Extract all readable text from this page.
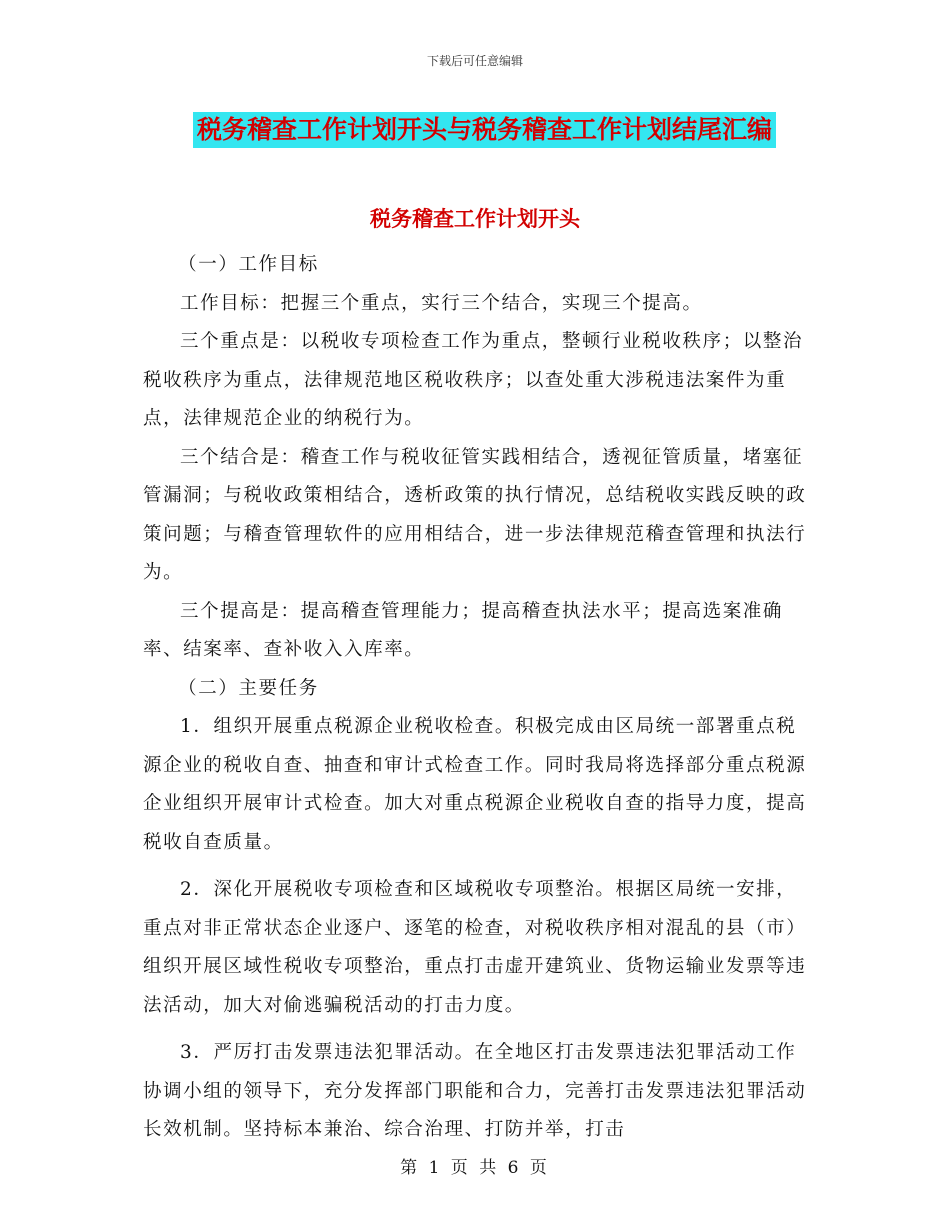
下载后可任意编辑
税务稽查工作计划开头与税务稽查工作计划结尾汇编
税务稽查工作计划开头

（一）工作目标

工作目标：把握三个重点，实行三个结合，实现三个提高。

三个重点是：以税收专项检查工作为重点，整顿行业税收秩序；以整治税收秩序为重点，法律规范地区税收秩序；以查处重大涉税违法案件为重点，法律规范企业的纳税行为。

三个结合是：稽查工作与税收征管实践相结合，透视征管质量，堵塞征管漏洞；与税收政策相结合，透析政策的执行情况，总结税收实践反映的政策问题；与稽查管理软件的应用相结合，进一步法律规范稽查管理和执法行为。

三个提高是：提高稽查管理能力；提高稽查执法水平；提高选案准确率、结案率、查补收入入库率。

（二）主要任务

1．组织开展重点税源企业税收检查。积极完成由区局统一部署重点税源企业的税收自查、抽查和审计式检查工作。同时我局将选择部分重点税源企业组织开展审计式检查。加大对重点税源企业税收自查的指导力度，提高税收自查质量。

2．深化开展税收专项检查和区域税收专项整治。根据区局统一安排，重点对非正常状态企业逐户、逐笔的检查，对税收秩序相对混乱的县（市）组织开展区域性税收专项整治，重点打击虚开建筑业、货物运输业发票等违法活动，加大对偷逃骗税活动的打击力度。

3．严厉打击发票违法犯罪活动。在全地区打击发票违法犯罪活动工作协调小组的领导下，充分发挥部门职能和合力，完善打击发票违法犯罪活动长效机制。坚持标本兼治、综合治理、打防并举，打击

第 1 页 共 6 页
